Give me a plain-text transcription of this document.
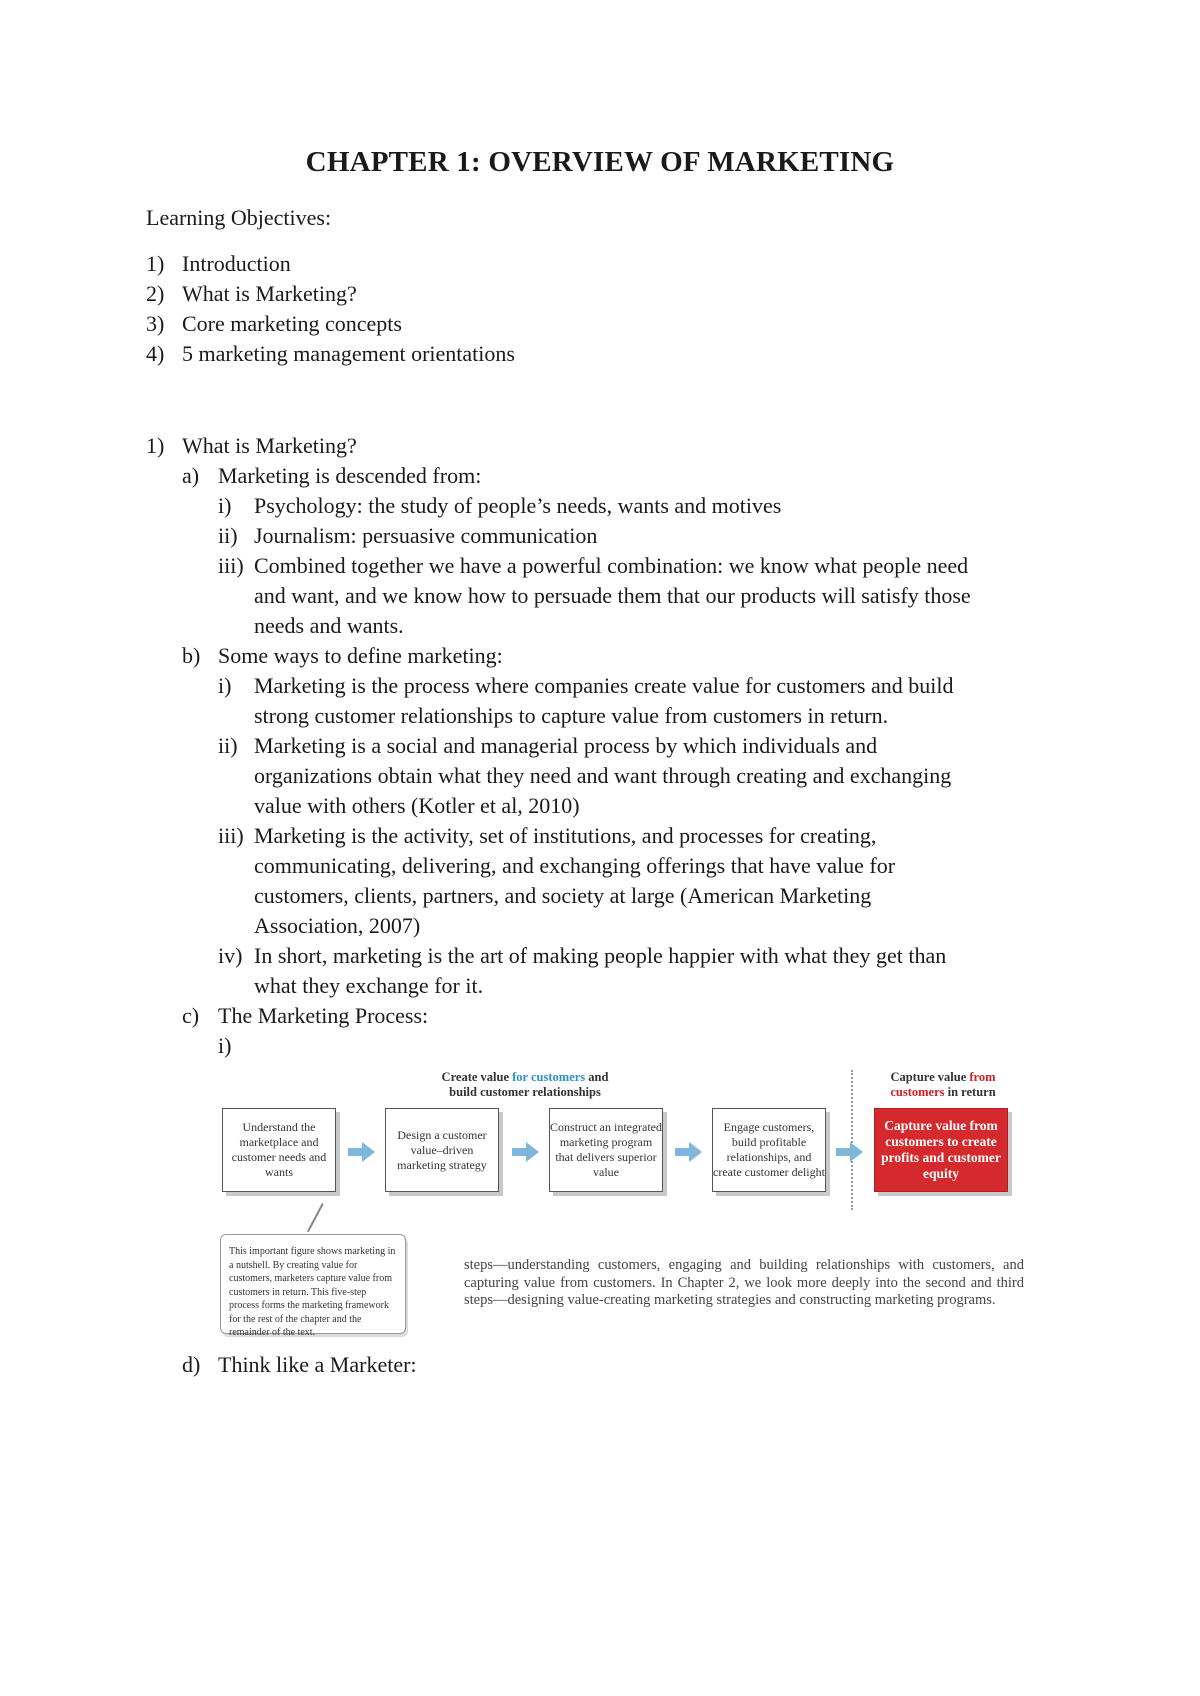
CHAPTER 1: OVERVIEW OF MARKETING
Learning Objectives:
1) Introduction
2) What is Marketing?
3) Core marketing concepts
4) 5 marketing management orientations
1) What is Marketing?
a) Marketing is descended from:
i) Psychology: the study of people’s needs, wants and motives
ii) Journalism: persuasive communication
iii) Combined together we have a powerful combination: we know what people need
and want, and we know how to persuade them that our products will satisfy those
needs and wants.
b) Some ways to define marketing:
i) Marketing is the process where companies create value for customers and build
strong customer relationships to capture value from customers in return.
ii) Marketing is a social and managerial process by which individuals and
organizations obtain what they need and want through creating and exchanging
value with others (Kotler et al, 2010)
iii) Marketing is the activity, set of institutions, and processes for creating,
communicating, delivering, and exchanging offerings that have value for
customers, clients, partners, and society at large (American Marketing
Association, 2007)
iv) In short, marketing is the art of making people happier with what they get than
what they exchange for it.
c) The Marketing Process:
i)
Create value for customers and
build customer relationships
Capture value from
customers in return
Understand the marketplace and customer needs and wants
Design a customer value–driven marketing strategy
Construct an integrated marketing program that delivers superior value
Engage customers, build profitable relationships, and create customer delight
Capture value from customers to create profits and customer equity
This important figure shows marketing in a nutshell. By creating value for customers, marketers capture value from customers in return. This five-step process forms the marketing framework for the rest of the chapter and the remainder of the text.
steps—understanding customers, engaging and building relationships with customers, and capturing value from customers. In Chapter 2, we look more deeply into the second and third steps—designing value-creating marketing strategies and constructing marketing programs.
d) Think like a Marketer:
